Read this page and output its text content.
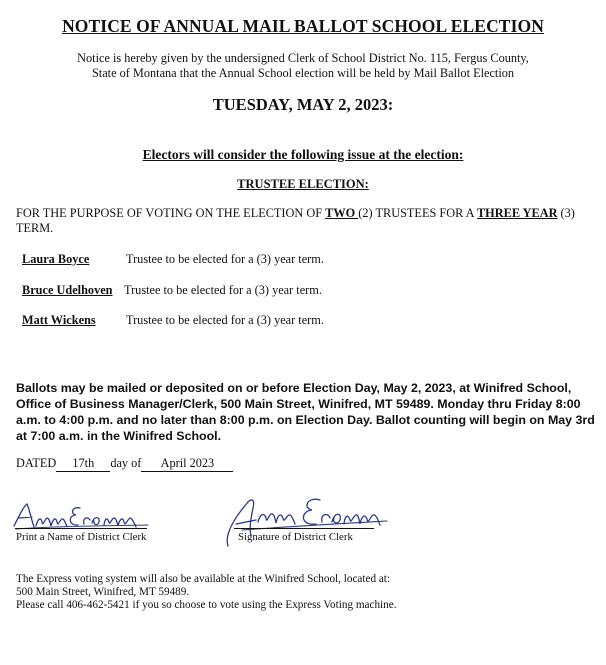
NOTICE OF ANNUAL MAIL BALLOT SCHOOL ELECTION
Notice is hereby given by the undersigned Clerk of School District No. 115, Fergus County,
State of Montana that the Annual School election will be held by Mail Ballot Election
TUESDAY, MAY 2, 2023:
Electors will consider the following issue at the election:
TRUSTEE ELECTION:
FOR THE PURPOSE OF VOTING ON THE ELECTION OF TWO (2) TRUSTEES FOR A THREE YEAR (3) TERM.
Laura Boyce	Trustee to be elected for a (3) year term.
Bruce Udelhoven Trustee to be elected for a (3) year term.
Matt Wickens Trustee to be elected for a (3) year term.
Ballots may be mailed or deposited on or before Election Day, May 2, 2023, at Winifred School, Office of Business Manager/Clerk, 500 Main Street, Winifred, MT 59489. Monday thru Friday 8:00 a.m. to 4:00 p.m. and no later than 8:00 p.m. on Election Day. Ballot counting will begin on May 3rd at 7:00 a.m. in the Winifred School.
DATED 17th day of April 2023
Print a Name of District Clerk	Signature of District Clerk
The Express voting system will also be available at the Winifred School, located at:
500 Main Street, Winifred, MT 59489.
Please call 406-462-5421 if you so choose to vote using the Express Voting machine.
